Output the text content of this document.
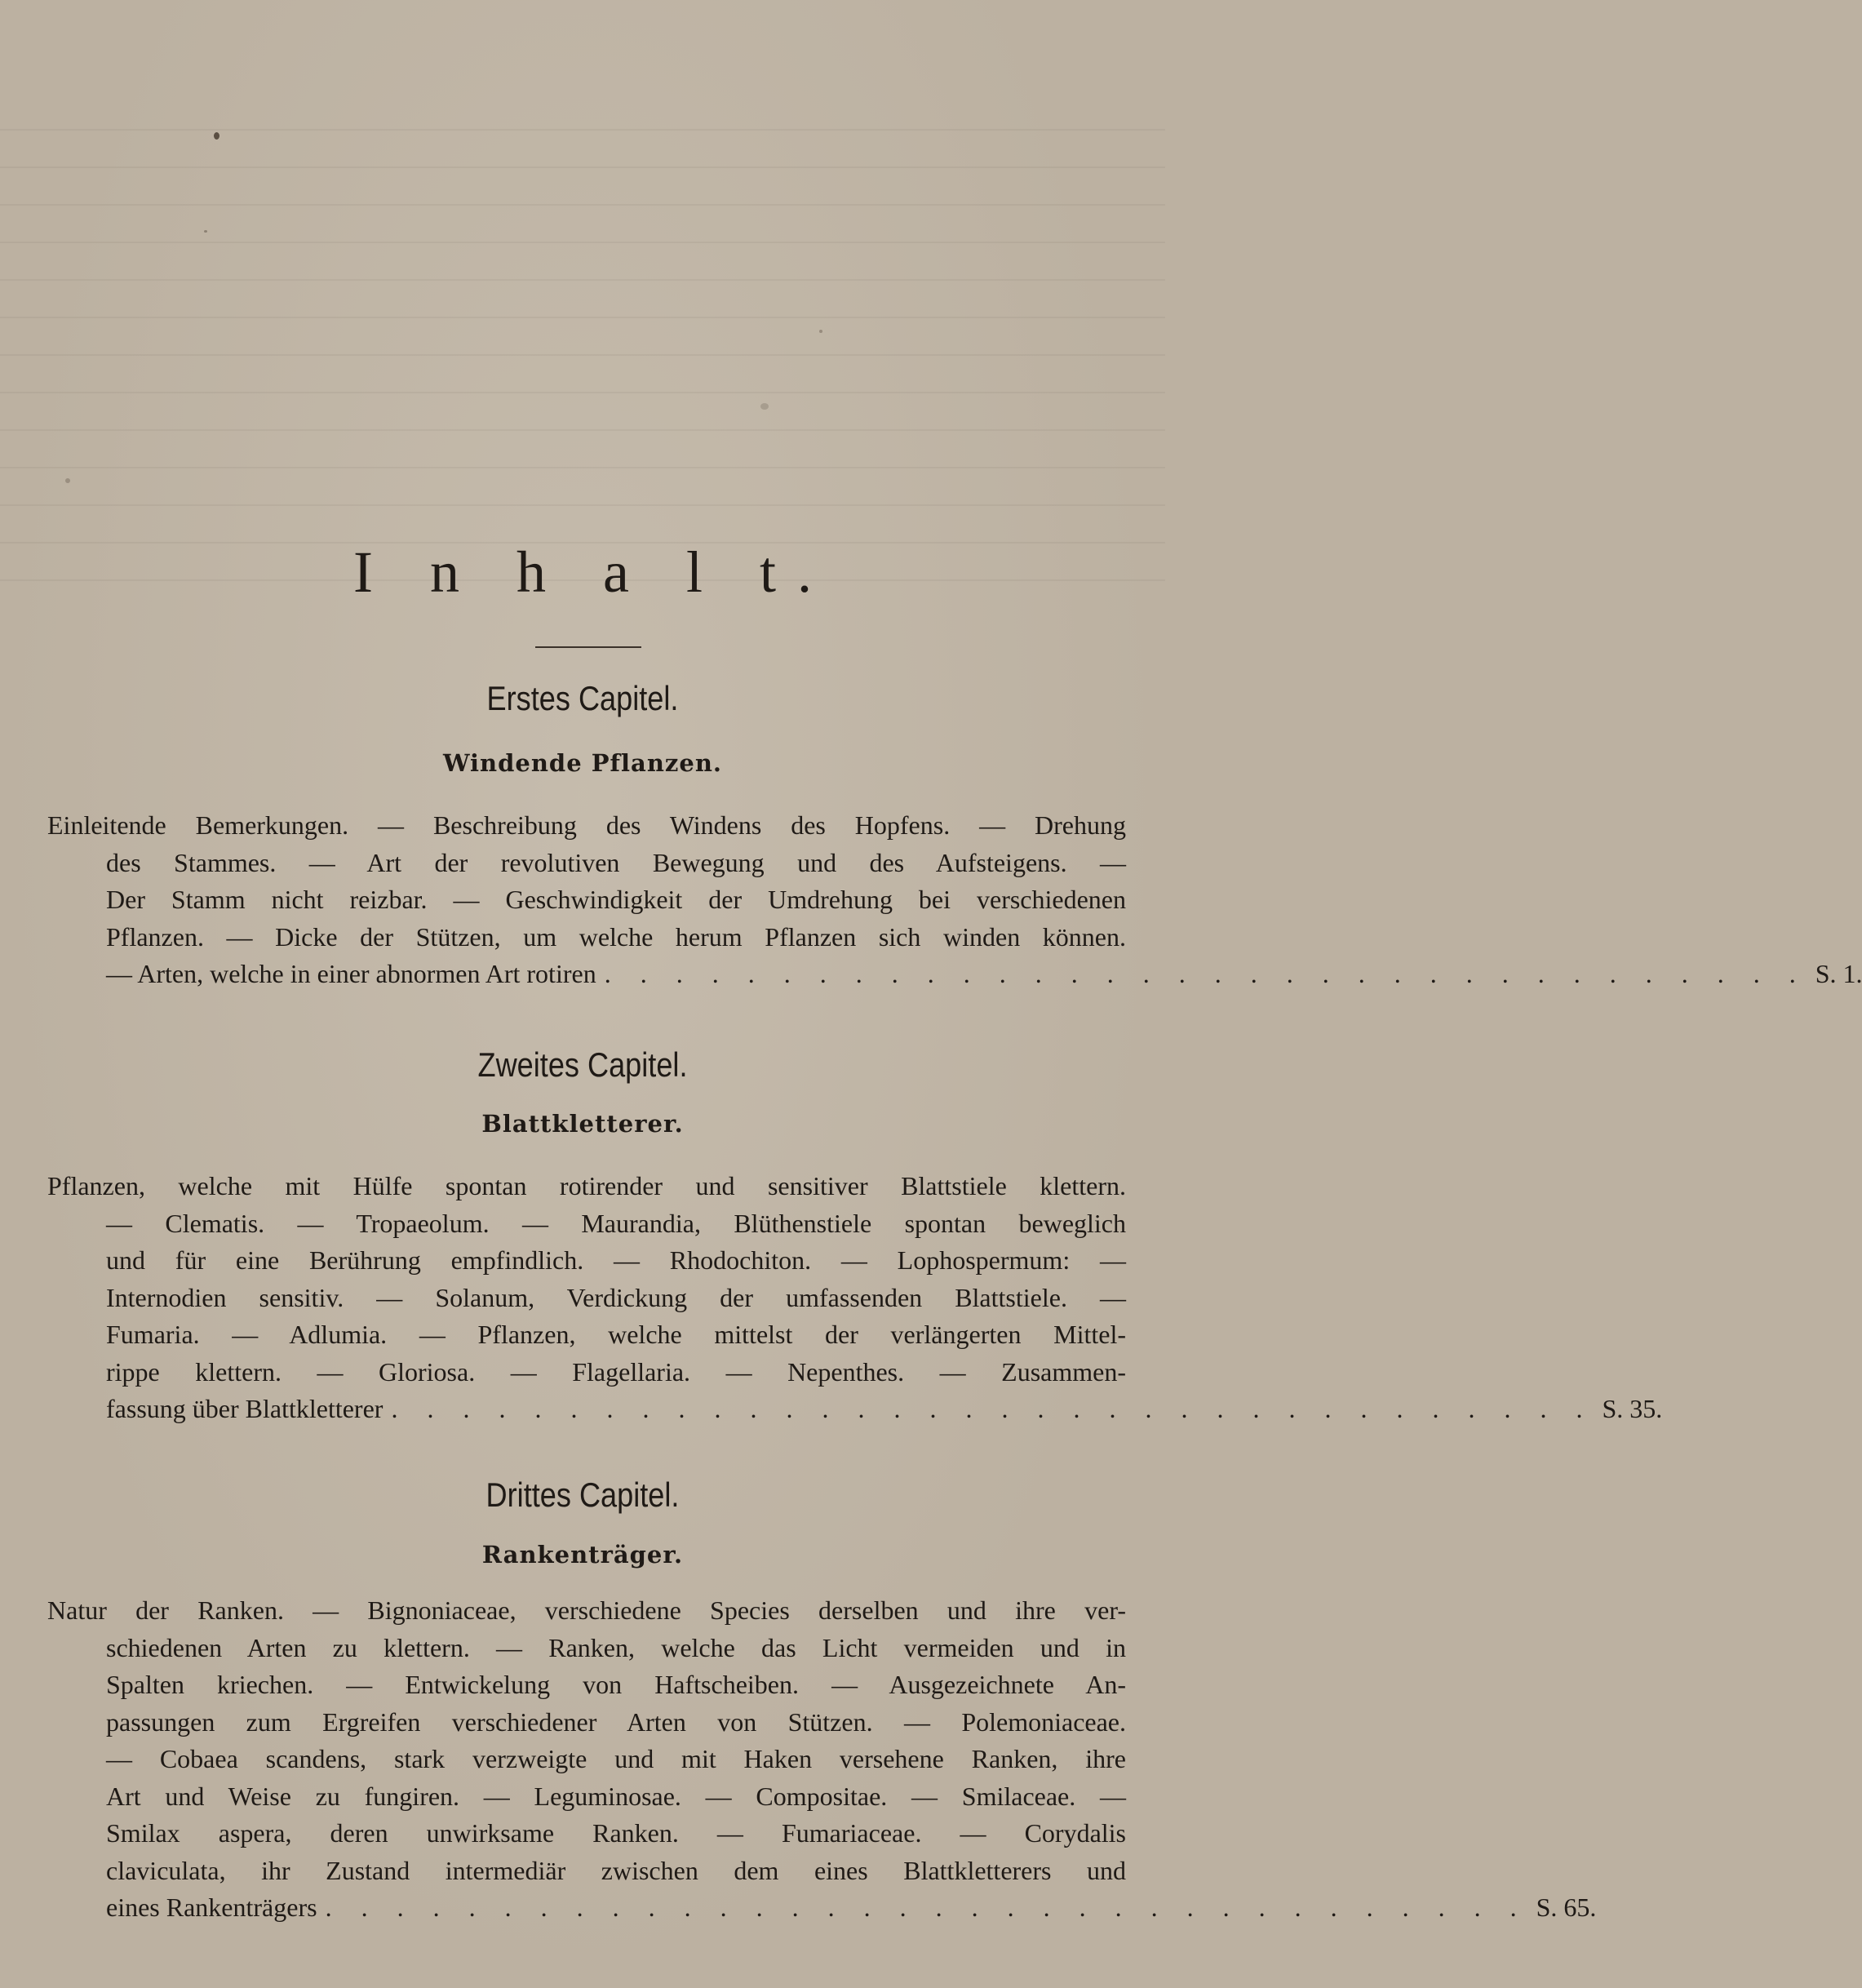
I n h a l t.
Erstes Capitel.
Windende Pflanzen.
Einleitende Bemerkungen. — Beschreibung des Windens des Hopfens. — Drehung
des Stammes. — Art der revolutiven Bewegung und des Aufsteigens. —
Der Stamm nicht reizbar. — Geschwindigkeit der Umdrehung bei verschiedenen
Pflanzen. — Dicke der Stützen, um welche herum Pflanzen sich winden können.
— Arten, welche in einer abnormen Art rotiren . . . . . . . . . . . . . . . . . . . . . . . . . . . . . . . . . . S. 1.
Zweites Capitel.
Blattkletterer.
Pflanzen, welche mit Hülfe spontan rotirender und sensitiver Blattstiele klettern.
— Clematis. — Tropaeolum. — Maurandia, Blüthenstiele spontan beweglich
und für eine Berührung empfindlich. — Rhodochiton. — Lophospermum: —
Internodien sensitiv. — Solanum, Verdickung der umfassenden Blattstiele. —
Fumaria. — Adlumia. — Pflanzen, welche mittelst der verlängerten Mittel-
rippe klettern. — Gloriosa. — Flagellaria. — Nepenthes. — Zusammen-
fassung über Blattkletterer . . . . . . . . . . . . . . . . . . . . . . . . . . . . . . . . . . S. 35.
Drittes Capitel.
Rankenträger.
Natur der Ranken. — Bignoniaceae, verschiedene Species derselben und ihre ver-
schiedenen Arten zu klettern. — Ranken, welche das Licht vermeiden und in
Spalten kriechen. — Entwickelung von Haftscheiben. — Ausgezeichnete An-
passungen zum Ergreifen verschiedener Arten von Stützen. — Polemoniaceae.
— Cobaea scandens, stark verzweigte und mit Haken versehene Ranken, ihre
Art und Weise zu fungiren. — Leguminosae. — Compositae. — Smilaceae. —
Smilax aspera, deren unwirksame Ranken. — Fumariaceae. — Corydalis
claviculata, ihr Zustand intermediär zwischen dem eines Blattkletterers und
eines Rankenträgers . . . . . . . . . . . . . . . . . . . . . . . . . . . . . . . . . . S. 65.
